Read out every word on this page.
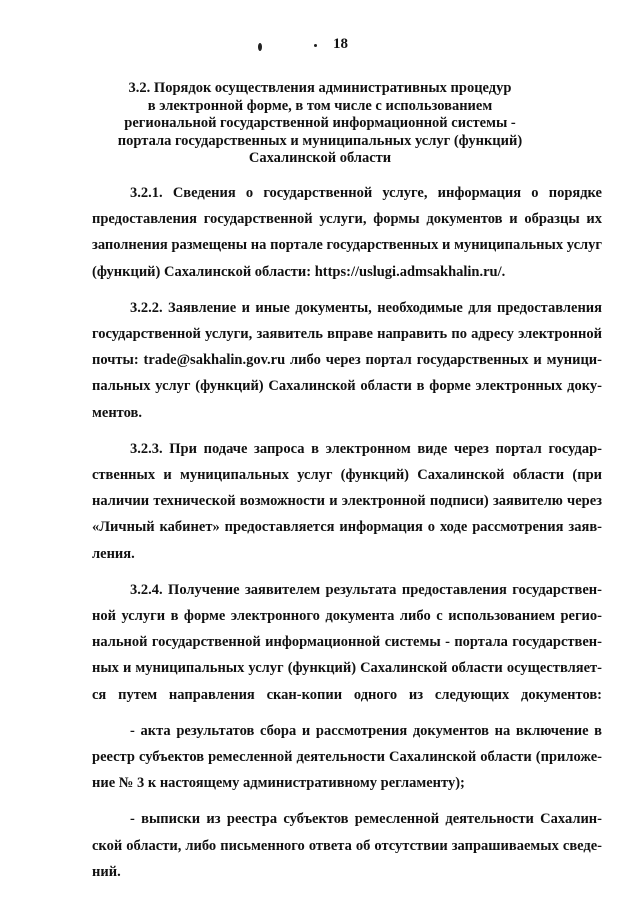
18
3.2. Порядок осуществления административных процедур
в электронной форме, в том числе с использованием
региональной государственной информационной системы -
портала государственных и муниципальных услуг (функций)
Сахалинской области
3.2.1. Сведения о государственной услуге, информация о порядке
предоставления государственной услуги, формы документов и образцы их
заполнения размещены на портале государственных и муниципальных услуг
(функций) Сахалинской области: https://uslugi.admsakhalin.ru/.
3.2.2. Заявление и иные документы, необходимые для предоставления
государственной услуги, заявитель вправе направить по адресу электронной
почты: trade@sakhalin.gov.ru либо через портал государственных и муници-
пальных услуг (функций) Сахалинской области в форме электронных доку-
ментов.
3.2.3. При подаче запроса в электронном виде через портал государ-
ственных и муниципальных услуг (функций) Сахалинской области (при
наличии технической возможности и электронной подписи) заявителю через
«Личный кабинет» предоставляется информация о ходе рассмотрения заяв-
ления.
3.2.4. Получение заявителем результата предоставления государствен-
ной услуги в форме электронного документа либо с использованием регио-
нальной государственной информационной системы - портала государствен-
ных и муниципальных услуг (функций) Сахалинской области осуществляет-
ся путем направления скан-копии одного из следующих документов:
- акта результатов сбора и рассмотрения документов на включение в
реестр субъектов ремесленной деятельности Сахалинской области (приложе-
ние № 3 к настоящему административному регламенту);
- выписки из реестра субъектов ремесленной деятельности Сахалин-
ской области, либо письменного ответа об отсутствии запрашиваемых сведе-
ний.
